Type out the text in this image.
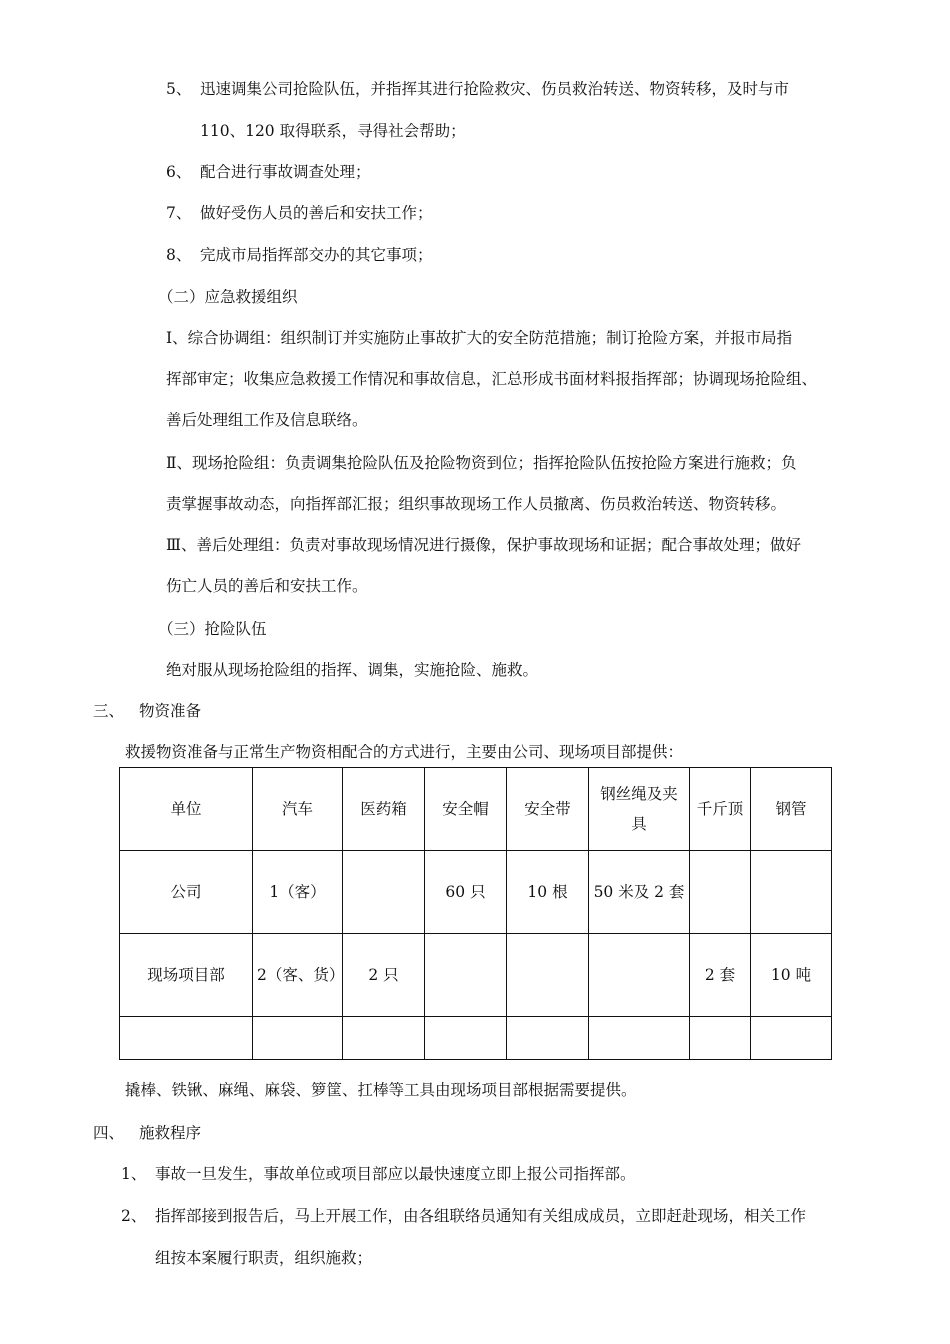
5、 迅速调集公司抢险队伍，并指挥其进行抢险救灾、伤员救治转送、物资转移，及时与市
110、120 取得联系，寻得社会帮助；
6、 配合进行事故调查处理；
7、 做好受伤人员的善后和安扶工作；
8、 完成市局指挥部交办的其它事项；
（二）应急救援组织
Ⅰ、综合协调组：组织制订并实施防止事故扩大的安全防范措施；制订抢险方案，并报市局指
挥部审定；收集应急救援工作情况和事故信息，汇总形成书面材料报指挥部；协调现场抢险组、
善后处理组工作及信息联络。
Ⅱ、现场抢险组：负责调集抢险队伍及抢险物资到位；指挥抢险队伍按抢险方案进行施救；负
责掌握事故动态，向指挥部汇报；组织事故现场工作人员撤离、伤员救治转送、物资转移。
Ⅲ、善后处理组：负责对事故现场情况进行摄像，保护事故现场和证据；配合事故处理；做好
伤亡人员的善后和安扶工作。
（三）抢险队伍
绝对服从现场抢险组的指挥、调集，实施抢险、施救。
三、 物资准备
救援物资准备与正常生产物资相配合的方式进行，主要由公司、现场项目部提供：
单位	汽车	医药箱	安全帽	安全带	钢丝绳及夹具	千斤顶	钢管
公司	1（客）		60 只	10 根	50 米及 2 套		
现场项目部	2（客、货）	2 只				2 套	10 吨

撬棒、铁锹、麻绳、麻袋、箩筐、扛棒等工具由现场项目部根据需要提供。
四、 施救程序
1、 事故一旦发生，事故单位或项目部应以最快速度立即上报公司指挥部。
2、 指挥部接到报告后，马上开展工作，由各组联络员通知有关组成成员，立即赶赴现场，相关工作
组按本案履行职责，组织施救；
